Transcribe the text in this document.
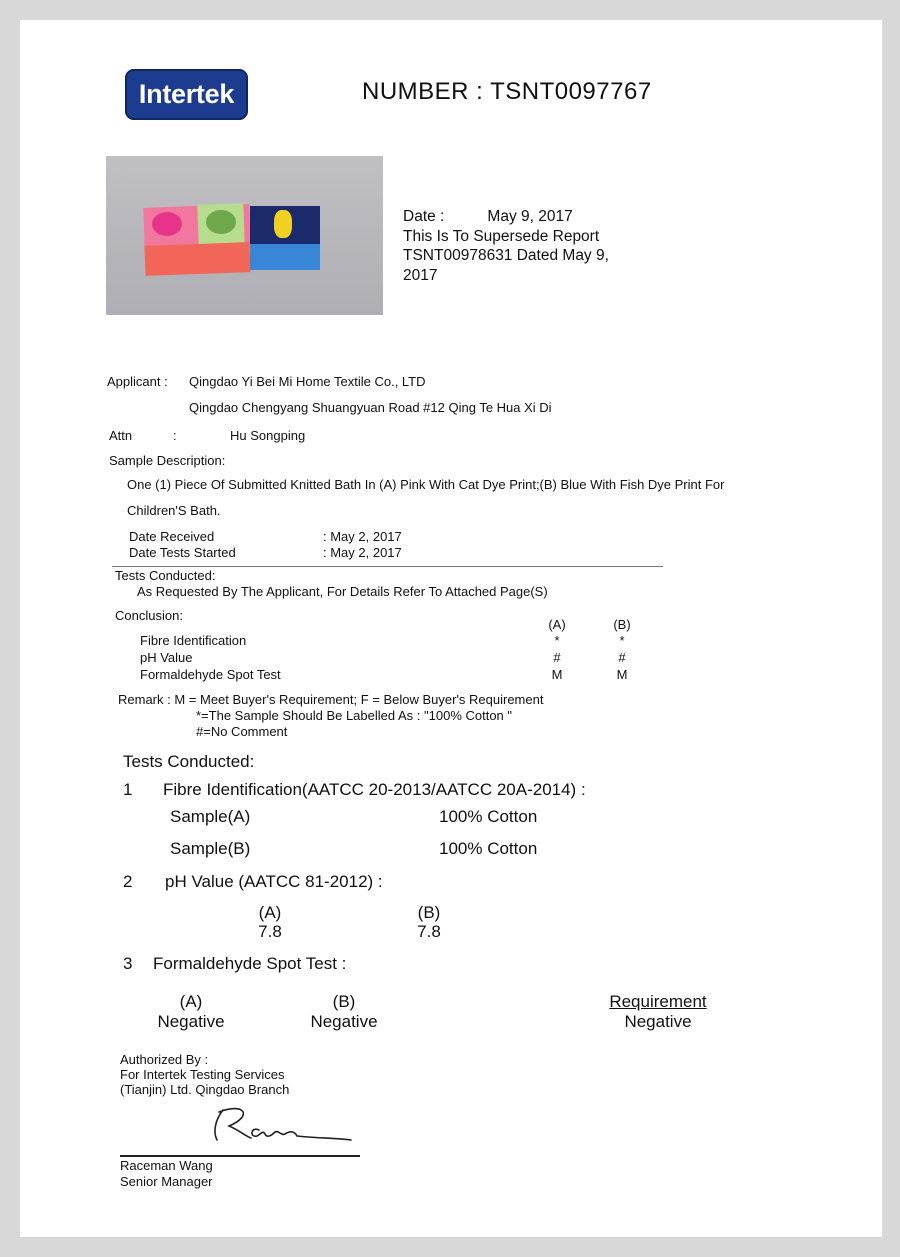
Intertek	NUMBER : TSNT0097767
Date :          May 9, 2017
This Is To Supersede Report
TSNT00978631 Dated May 9,
2017
Applicant : Qingdao Yi Bei Mi Home Textile Co., LTD
Qingdao Chengyang Shuangyuan Road #12 Qing Te Hua Xi Di
Attn	:	Hu Songping
Sample Description:
One (1) Piece Of Submitted Knitted Bath In (A) Pink With Cat Dye Print;(B) Blue With Fish Dye Print For
Children'S Bath.
Date Received	: May 2, 2017
Date Tests Started	: May 2, 2017
Tests Conducted:
As Requested By The Applicant, For Details Refer To Attached Page(S)
Conclusion:
(A)	(B)
Fibre Identification	*	*
pH Value	#	#
Formaldehyde Spot Test	M	M
Remark : M = Meet Buyer's Requirement; F = Below Buyer's Requirement
*=The Sample Should Be Labelled As : "100% Cotton "
#=No Comment
Tests Conducted:
1 Fibre Identification(AATCC 20-2013/AATCC 20A-2014) :
Sample(A)	100% Cotton
Sample(B)	100% Cotton
2 pH Value (AATCC 81-2012) :
(A)
7.8
(B)
7.8
3 Formaldehyde Spot Test :
(A)
Negative
(B)
Negative
Requirement
Negative
Authorized By :
For Intertek Testing Services
(Tianjin) Ltd. Qingdao Branch
Raceman Wang
Senior Manager
